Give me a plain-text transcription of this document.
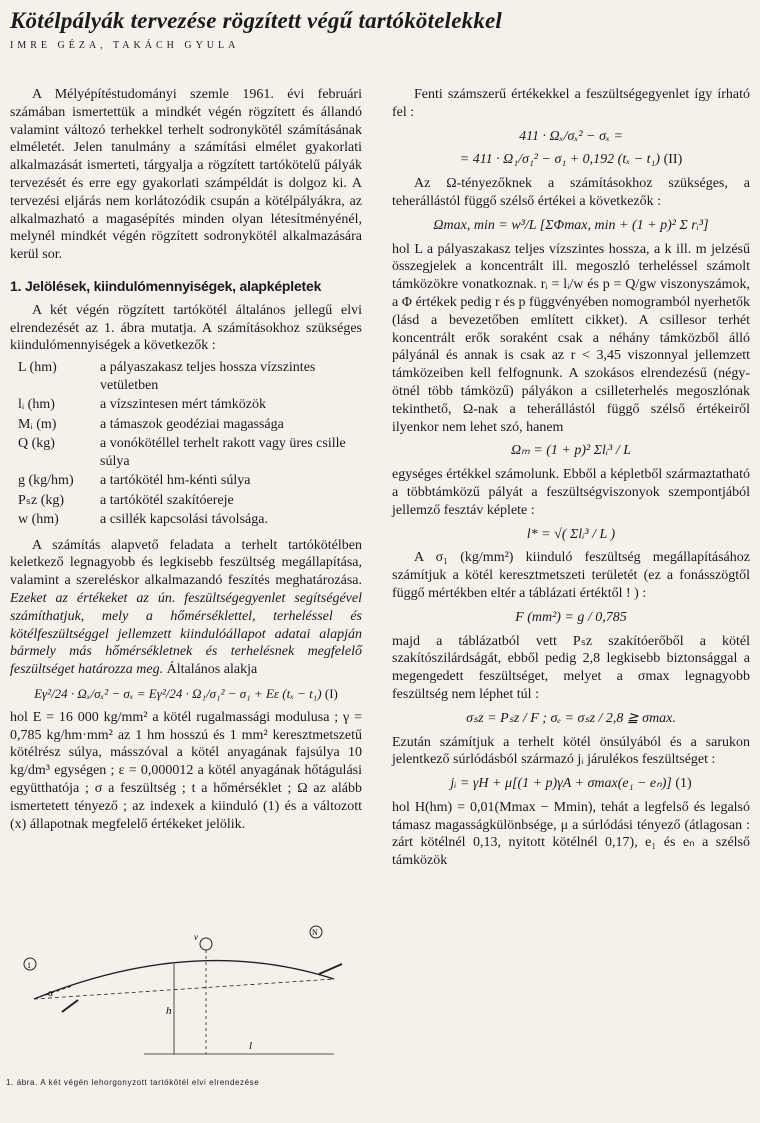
Kötélpályák tervezése rögzített végű tartókötelekkel
IMRE GÉZA, TAKÁCH GYULA

A Mélyépítéstudományi szemle 1961. évi februári számában ismertettük a mindkét végén rögzített és állandó valamint változó terhekkel terhelt sodronykötél számításának elméletét. Jelen tanulmány a számítási elmélet gyakorlati alkalmazását ismerteti, tárgyalja a rögzített tartókötelű pályák tervezését és erre egy gyakorlati számpéldát is dolgoz ki. A tervezési eljárás nem korlátozódik csupán a kötélpályákra, az alkalmazható a magasépítés minden olyan létesítményénél, melynél mindkét végén rögzített sodronykötél alkalmazására kerül sor.

1. Jelölések, kiindulómennyiségek, alapképletek

A két végén rögzített tartókötél általános jellegű elvi elrendezését az 1. ábra mutatja. A számításokhoz szükséges kiindulómennyiségek a következők :

L (hm)	a pályaszakasz teljes hossza vízszintes vetületben
lᵢ (hm)	a vízszintesen mért támközök
Mᵢ (m)	a támaszok geodéziai magassága
Q (kg)	a vonókötéllel terhelt rakott vagy üres csille súlya
g (kg/hm)	a tartókötél hm-kénti súlya
Pₛz (kg)	a tartókötél szakítóereje
w (hm)	a csillék kapcsolási távolsága.

A számítás alapvető feladata a terhelt tartókötélben keletkező legnagyobb és legkisebb feszültség megállapítása, valamint a szereléskor alkalmazandó feszítés meghatározása. Ezeket az értékeket az ún. feszültségegyenlet segítségével számíthatjuk, mely a hőmérséklettel, terheléssel és kötélfeszültséggel jellemzett kiindulóállapot adatai alapján bármely más hőmérsékletnek és terhelésnek megfelelő feszültséget határozza meg. Általános alakja

Eγ²/24 · Ωₓ/σₓ² − σₓ = Eγ²/24 · Ω₁/σ₁² − σ₁ + Eε (tₓ − t₁) (I)

hol E = 16 000 kg/mm² a kötél rugalmassági modulusa ; γ = 0,785 kg/hm·mm² az 1 hm hosszú és 1 mm² keresztmetszetű kötélrész súlya, másszóval a kötél anyagának fajsúlya 10 kg/dm³ egységen ; ε = 0,000012 a kötél anyagának hőtágulási együtthatója ; σ a feszültség ; t a hőmérséklet ; Ω az alább ismertetett tényező ; az indexek a kiinduló (1) és a változott (x) állapotnak megfelelő értékeket jelölik.

1
N
h
l
v
α
1. ábra. A két végén lehorgonyzott tartókötél elvi elrendezése

Fenti számszerű értékekkel a feszültségegyenlet így írható fel :

411 · Ωₓ/σₓ² − σₓ =
= 411 · Ω₁/σ₁² − σ₁ + 0,192 (tₓ − t₁) (II)

Az Ω-tényezőknek a számításokhoz szükséges, a teherállástól függő szélső értékei a következők :

Ωmax, min = w³/L [ΣΦmax, min + (1 + p)² Σ rᵢ³]

hol L a pályaszakasz teljes vízszintes hossza, a k ill. m jelzésű összegjelek a koncentrált ill. megoszló terheléssel számolt támközökre vonatkoznak. rᵢ = lᵢ/w és p = Q/gw viszonyszámok, a Φ értékek pedig r és p függvényében nomogramból nyerhetők (lásd a bevezetőben említett cikket). A csillesor terhét koncentrált erők soraként csak a néhány támközből álló pályánál és annak is csak az r < 3,45 viszonnyal jellemzett támközeiben kell felfognunk. A szokásos elrendezésű (négy-ötnél több támközű) pályákon a csilleterhelés megoszlónak tekinthető, Ω-nak a teherállástól függő szélső értékeiről ilyenkor nem lehet szó, hanem

Ωₘ = (1 + p)² Σlᵢ³ / L

egységes értékkel számolunk. Ebből a képletből származtatható a többtámközű pályát a feszültségviszonyok szempontjából jellemző fesztáv képlete :

l* = √( Σlᵢ³ / L )

A σ₁ (kg/mm²) kiinduló feszültség megállapításához számítjuk a kötél keresztmetszeti területét (ez a fonásszögtől függő mértékben eltér a táblázati értéktől ! ) :

F (mm²) = g / 0,785

majd a táblázatból vett Pₛz szakítóerőből a kötél szakítószilárdságát, ebből pedig 2,8 legkisebb biztonsággal a megengedett feszültséget, melyet a σmax legnagyobb feszültség nem léphet túl :

σₛz = Pₛz / F ; σₑ = σₛz / 2,8 ≧ σmax.

Ezután számítjuk a terhelt kötél önsúlyából és a sarukon jelentkező súrlódásból származó jᵢ járulékos feszültséget :

jᵢ = γH + μ[(1 + p)γA + σmax(e₁ − eₙ)] (1)

hol H(hm) = 0,01(Mmax − Mmin), tehát a legfelső és legalsó támasz magasságkülönbsége, μ a súrlódási tényező (átlagosan : zárt kötélnél 0,13, nyitott kötélnél 0,17), e₁ és eₙ a szélső támközök
